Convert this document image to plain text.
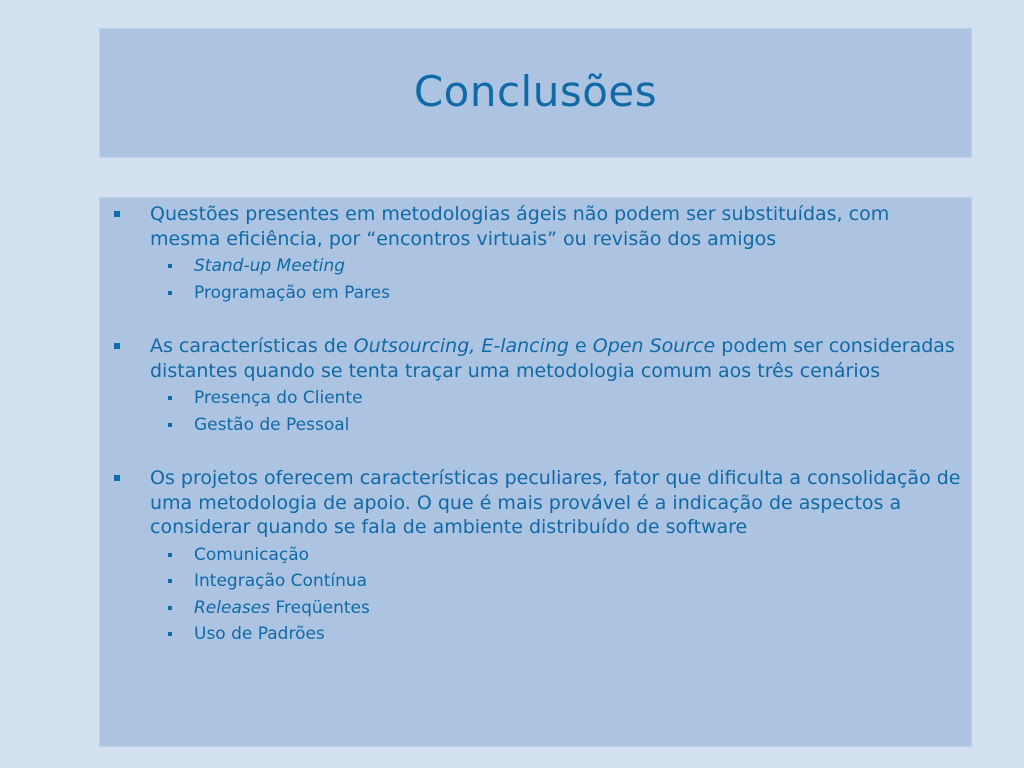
Conclusões
Questões presentes em metodologias ágeis não podem ser substituídas, com mesma eficiência, por “encontros virtuais” ou revisão dos amigos
Stand-up Meeting
Programação em Pares
As características de Outsourcing, E-lancing e Open Source podem ser consideradas distantes quando se tenta traçar uma metodologia comum aos três cenários
Presença do Cliente
Gestão de Pessoal
Os projetos oferecem características peculiares, fator que dificulta a consolidação de uma metodologia de apoio. O que é mais provável é a indicação de aspectos a considerar quando se fala de ambiente distribuído de software
Comunicação
Integração Contínua
Releases Freqüentes
Uso de Padrões
